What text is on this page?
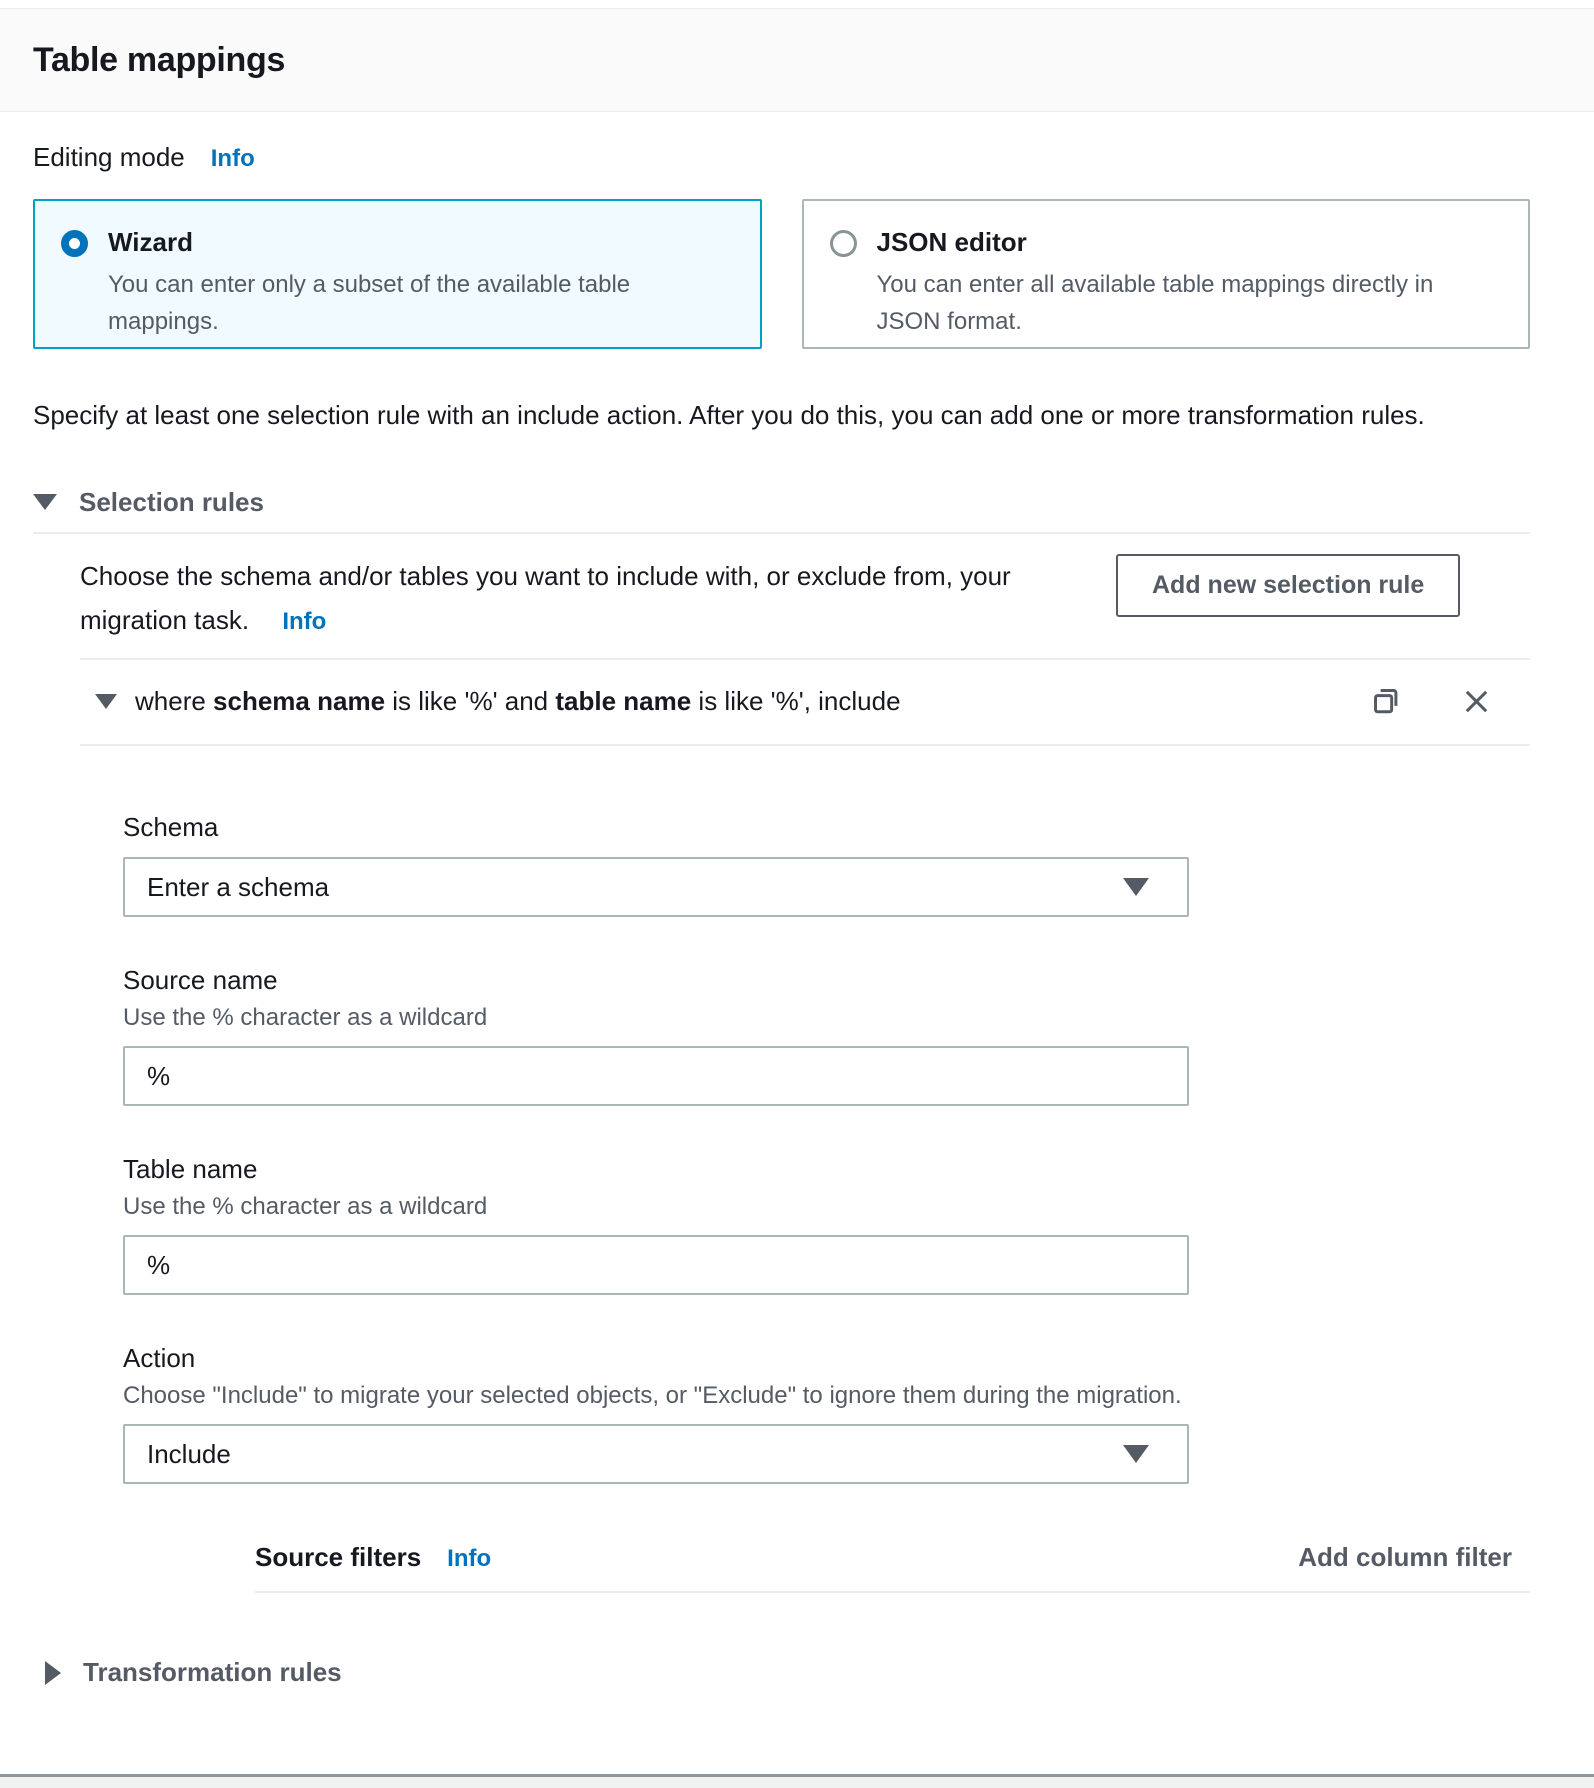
Table mappings
Editing mode Info
Wizard
You can enter only a subset of the available table mappings.
JSON editor
You can enter all available table mappings directly in JSON format.
Specify at least one selection rule with an include action. After you do this, you can add one or more transformation rules.
Selection rules
Choose the schema and/or tables you want to include with, or exclude from, your migration task. Info
Add new selection rule
where schema name is like '%' and table name is like '%', include
Schema
Enter a schema
Source name
Use the % character as a wildcard
%
Table name
Use the % character as a wildcard
%
Action
Choose "Include" to migrate your selected objects, or "Exclude" to ignore them during the migration.
Include
Source filters Info	Add column filter
Transformation rules
